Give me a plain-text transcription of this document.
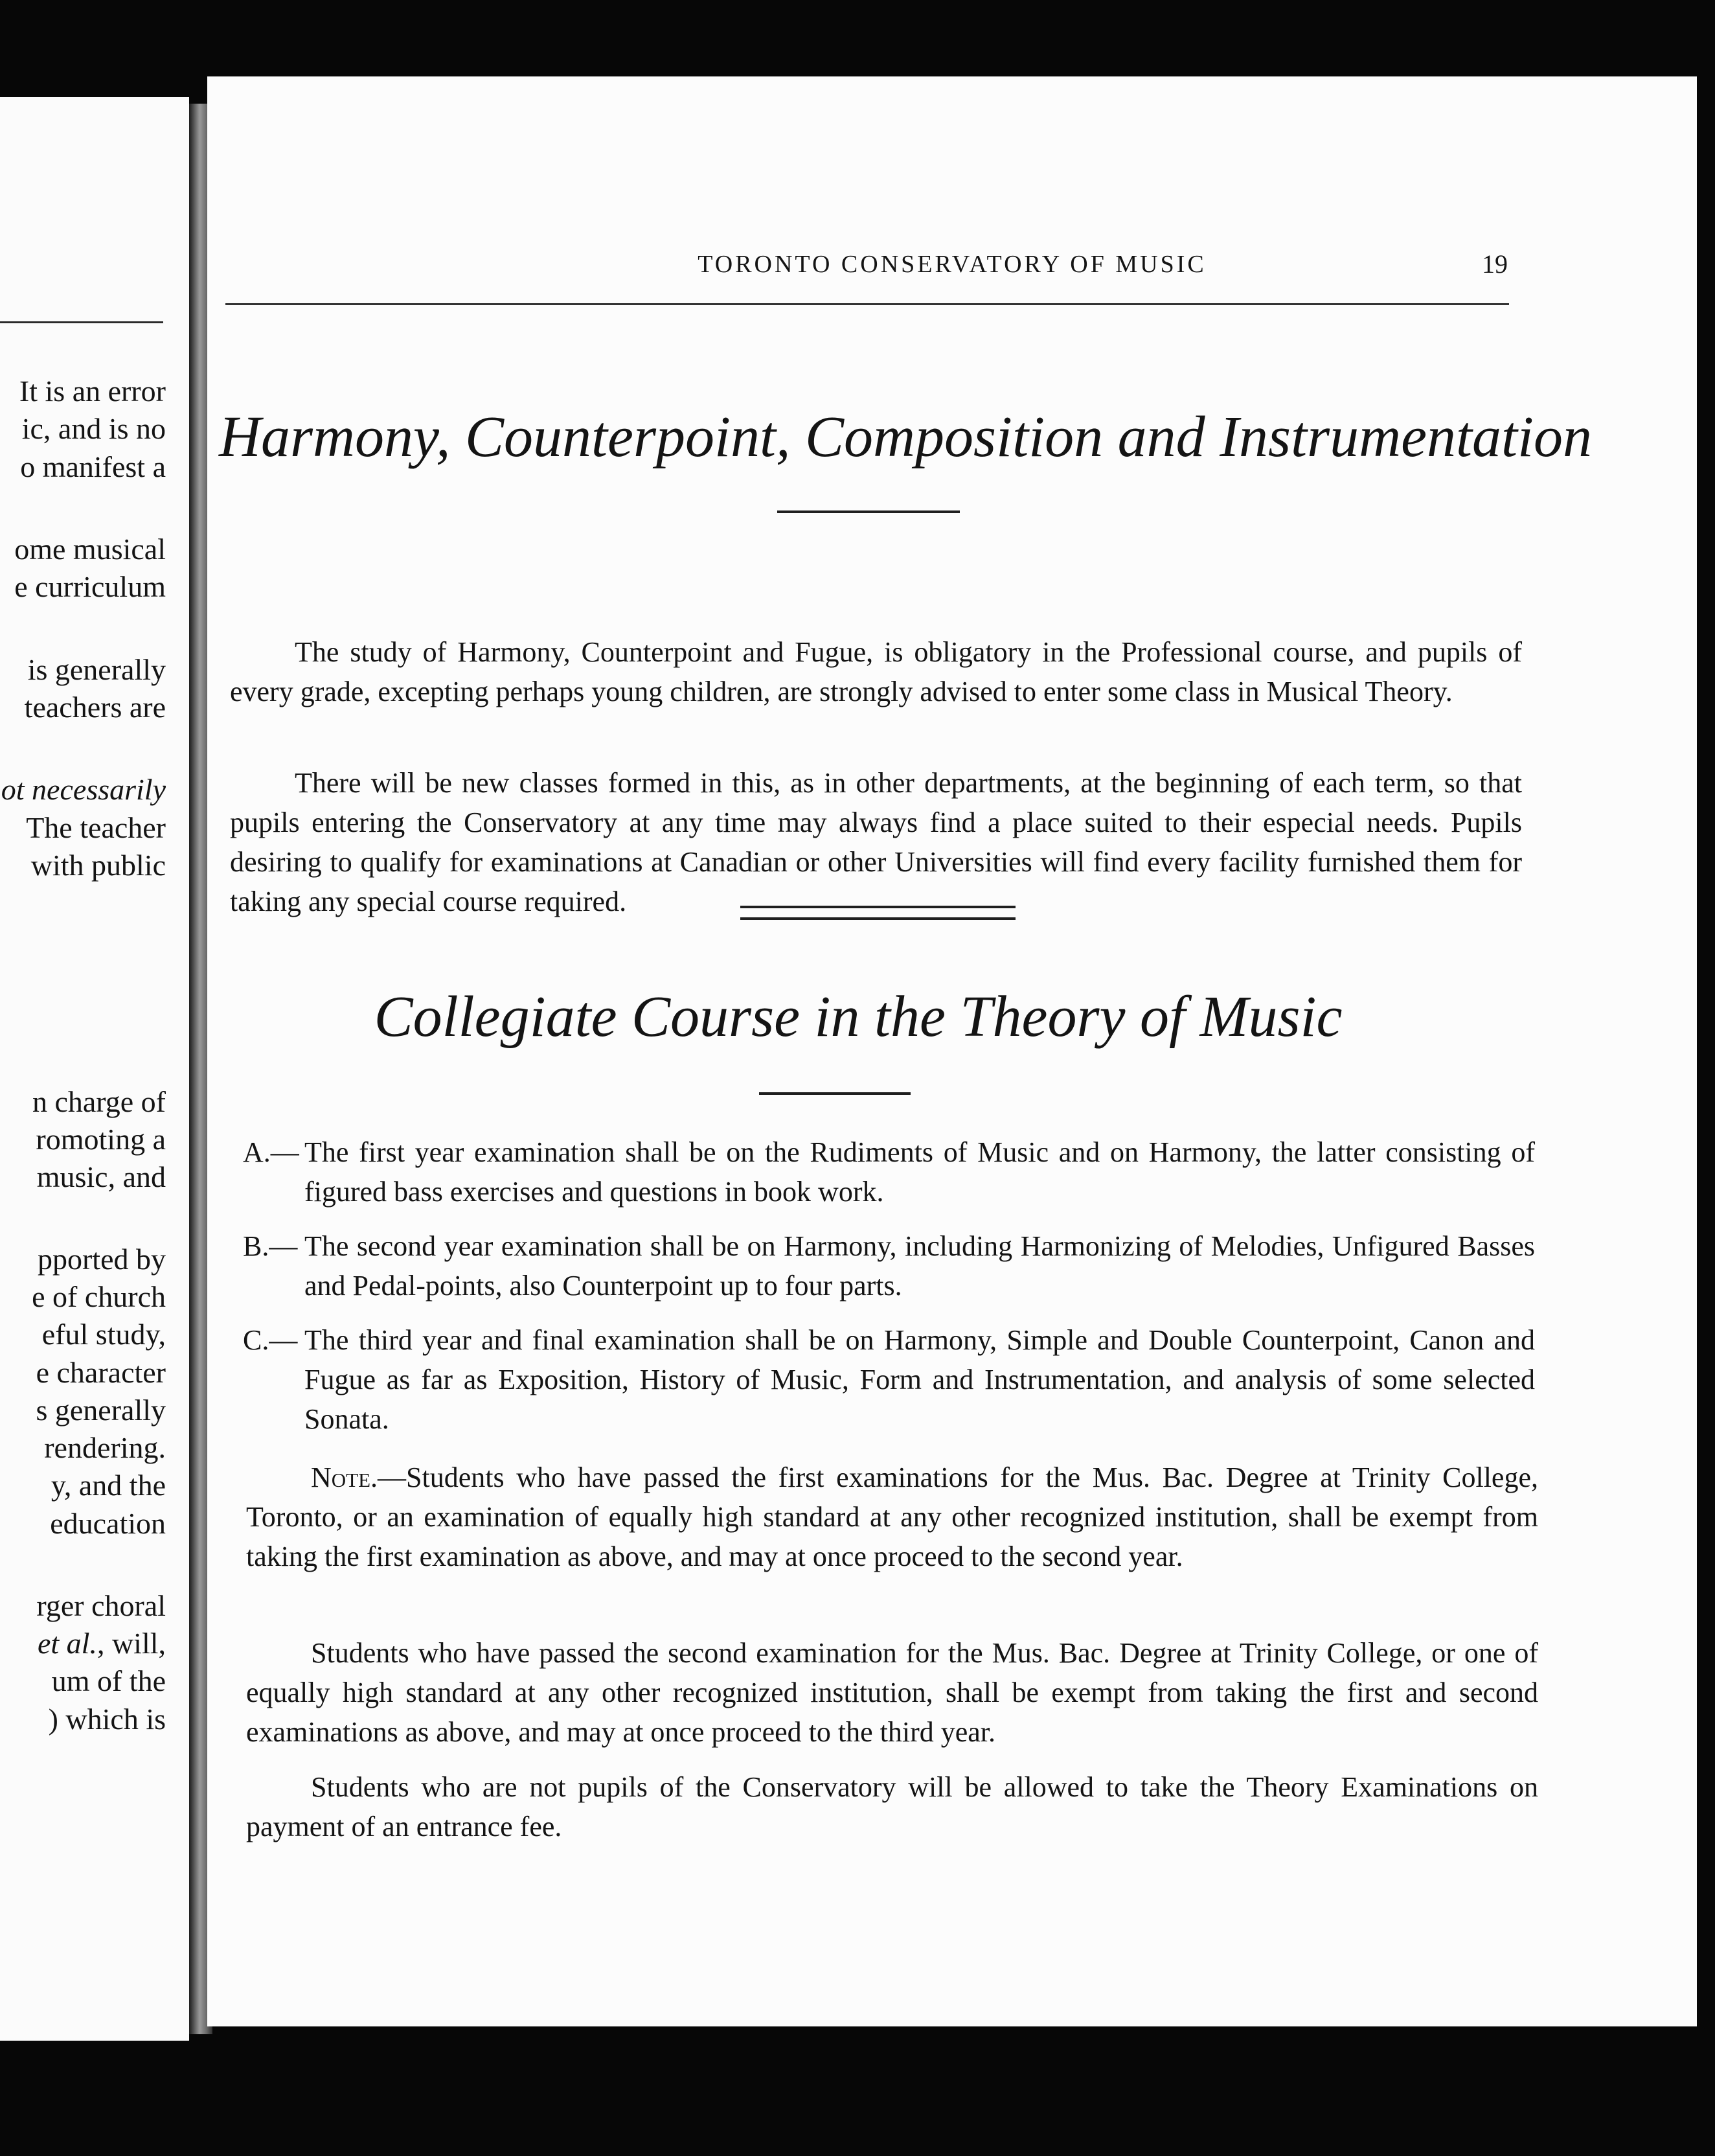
It is an error
ic, and is no
o manifest a
ome musical
e curriculum
is generally
teachers are
ot necessarily
The teacher
with public
n charge of
romoting a
music, and
pported by
e of church
eful study,
e character
s generally
rendering.
y, and the
education
rger choral
et al., will,
um of the
) which is
TORONTO CONSERVATORY OF MUSIC	19
Harmony, Counterpoint, Composition and Instrumentation

The study of Harmony, Counterpoint and Fugue, is obligatory in the Professional course, and pupils of every grade, excepting perhaps young children, are strongly advised to enter some class in Musical Theory.

There will be new classes formed in this, as in other departments, at the beginning of each term, so that pupils entering the Conservatory at any time may always find a place suited to their especial needs. Pupils desiring to qualify for examinations at Canadian or other Universities will find every facility furnished them for taking any special course required.

Collegiate Course in the Theory of Music
A.— The first year examination shall be on the Rudiments of Music and on Harmony, the latter consisting of figured bass exercises and questions in book work.

B.— The second year examination shall be on Harmony, including Harmonizing of Melodies, Unfigured Basses and Pedal-points, also Counterpoint up to four parts.

C.— The third year and final examination shall be on Harmony, Simple and Double Counterpoint, Canon and Fugue as far as Exposition, History of Music, Form and Instrumentation, and analysis of some selected Sonata.

Note.—Students who have passed the first examinations for the Mus. Bac. Degree at Trinity College, Toronto, or an examination of equally high standard at any other recognized institution, shall be exempt from taking the first examination as above, and may at once proceed to the second year.

Students who have passed the second examination for the Mus. Bac. Degree at Trinity College, or one of equally high standard at any other recognized institution, shall be exempt from taking the first and second examinations as above, and may at once proceed to the third year.

Students who are not pupils of the Conservatory will be allowed to take the Theory Examinations on payment of an entrance fee.
